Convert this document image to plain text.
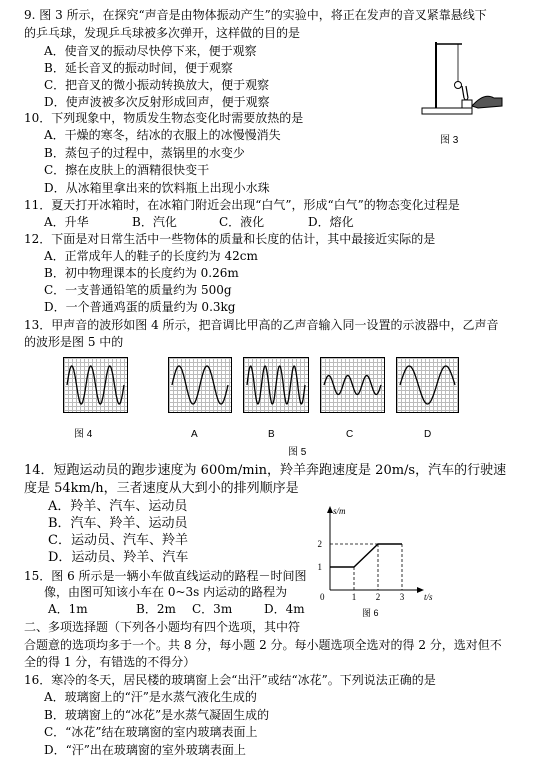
9. 图 3 所示，在探究“声音是由物体振动产生”的实验中，将正在发声的音叉紧靠悬线下
的乒乓球，发现乒乓球被多次弹开，这样做的目的是
A．使音叉的振动尽快停下来，便于观察
B．延长音叉的振动时间，便于观察
C．把音叉的微小振动转换放大，便于观察
D．使声波被多次反射形成回声，便于观察
图 3
10．下列现象中，物质发生物态变化时需要放热的是
A．干燥的寒冬，结冰的衣服上的冰慢慢消失
B．蒸包子的过程中，蒸锅里的水变少
C．擦在皮肤上的酒精很快变干
D．从冰箱里拿出来的饮料瓶上出现小水珠
11．夏天打开冰箱时，在冰箱门附近会出现“白气”，形成“白气”的物态变化过程是
A．升华	B．汽化	C．液化	D．熔化
12．下面是对日常生活中一些物体的质量和长度的估计，其中最接近实际的是
A．正常成年人的鞋子的长度约为 42cm
B．初中物理课本的长度约为 0.26m
C．一支普通铅笔的质量约为 500g
D．一个普通鸡蛋的质量约为 0.3kg
13．甲声音的波形如图 4 所示，把音调比甲高的乙声音输入同一设置的示波器中，乙声音
的波形是图 5 中的
图 4	A	B	C	D
图 5
14．短跑运动员的跑步速度为 600m/min，羚羊奔跑速度是 20m/s，汽车的行驶速
度是 54km/h，三者速度从大到小的排列顺序是
A．羚羊、汽车、运动员
B．汽车、羚羊、运动员
C．运动员、汽车、羚羊
D．运动员、羚羊、汽车
15．图 6 所示是一辆小车做直线运动的路程－时间图
像，由图可知该小车在 0~3s 内运动的路程为
A．1m	B．2m C．3m	D．4m
s/m
t/s
0	1 2 3
1
2
图 6
二、多项选择题（下列各小题均有四个选项，其中符
合题意的选项均多于一个。共 8 分，每小题 2 分。每小题选项全选对的得 2 分，选对但不
全的得 1 分，有错选的不得分）
16．寒冷的冬天，居民楼的玻璃窗上会“出汗”或结“冰花”。下列说法正确的是
A．玻璃窗上的“汗”是水蒸气液化生成的
B．玻璃窗上的“冰花”是水蒸气凝固生成的
C．“冰花”结在玻璃窗的室内玻璃表面上
D．“汗”出在玻璃窗的室外玻璃表面上
